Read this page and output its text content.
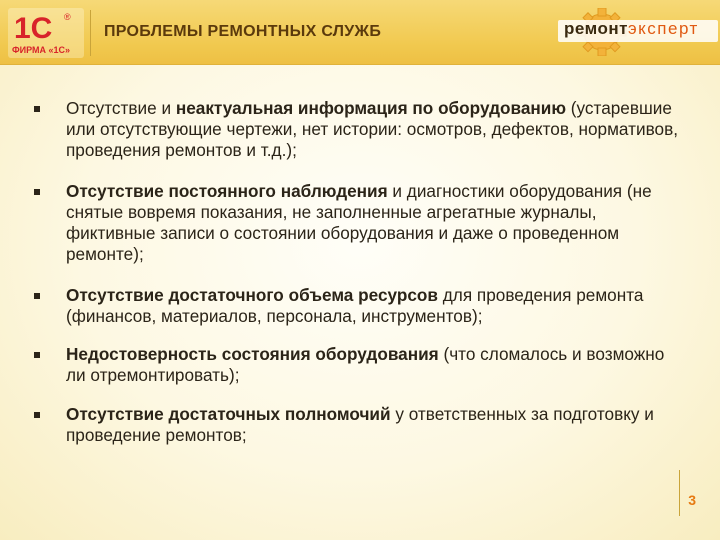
1С ®
ФИРМА «1С»
ПРОБЛЕМЫ РЕМОНТНЫХ СЛУЖБ	ремонт эксперт
Отсутствие и неактуальная информация по оборудованию (устаревшие или отсутствующие чертежи, нет истории: осмотров, дефектов, нормативов, проведения ремонтов и т.д.);
Отсутствие постоянного наблюдения и диагностики оборудования (не снятые вовремя показания, не заполненные агрегатные журналы, фиктивные записи о состоянии оборудования и даже о проведенном ремонте);
Отсутствие достаточного объема ресурсов для проведения ремонта (финансов, материалов, персонала, инструментов);
Недостоверность состояния оборудования (что сломалось и возможно ли отремонтировать);
Отсутствие достаточных полномочий у ответственных за подготовку и проведение ремонтов;
3
